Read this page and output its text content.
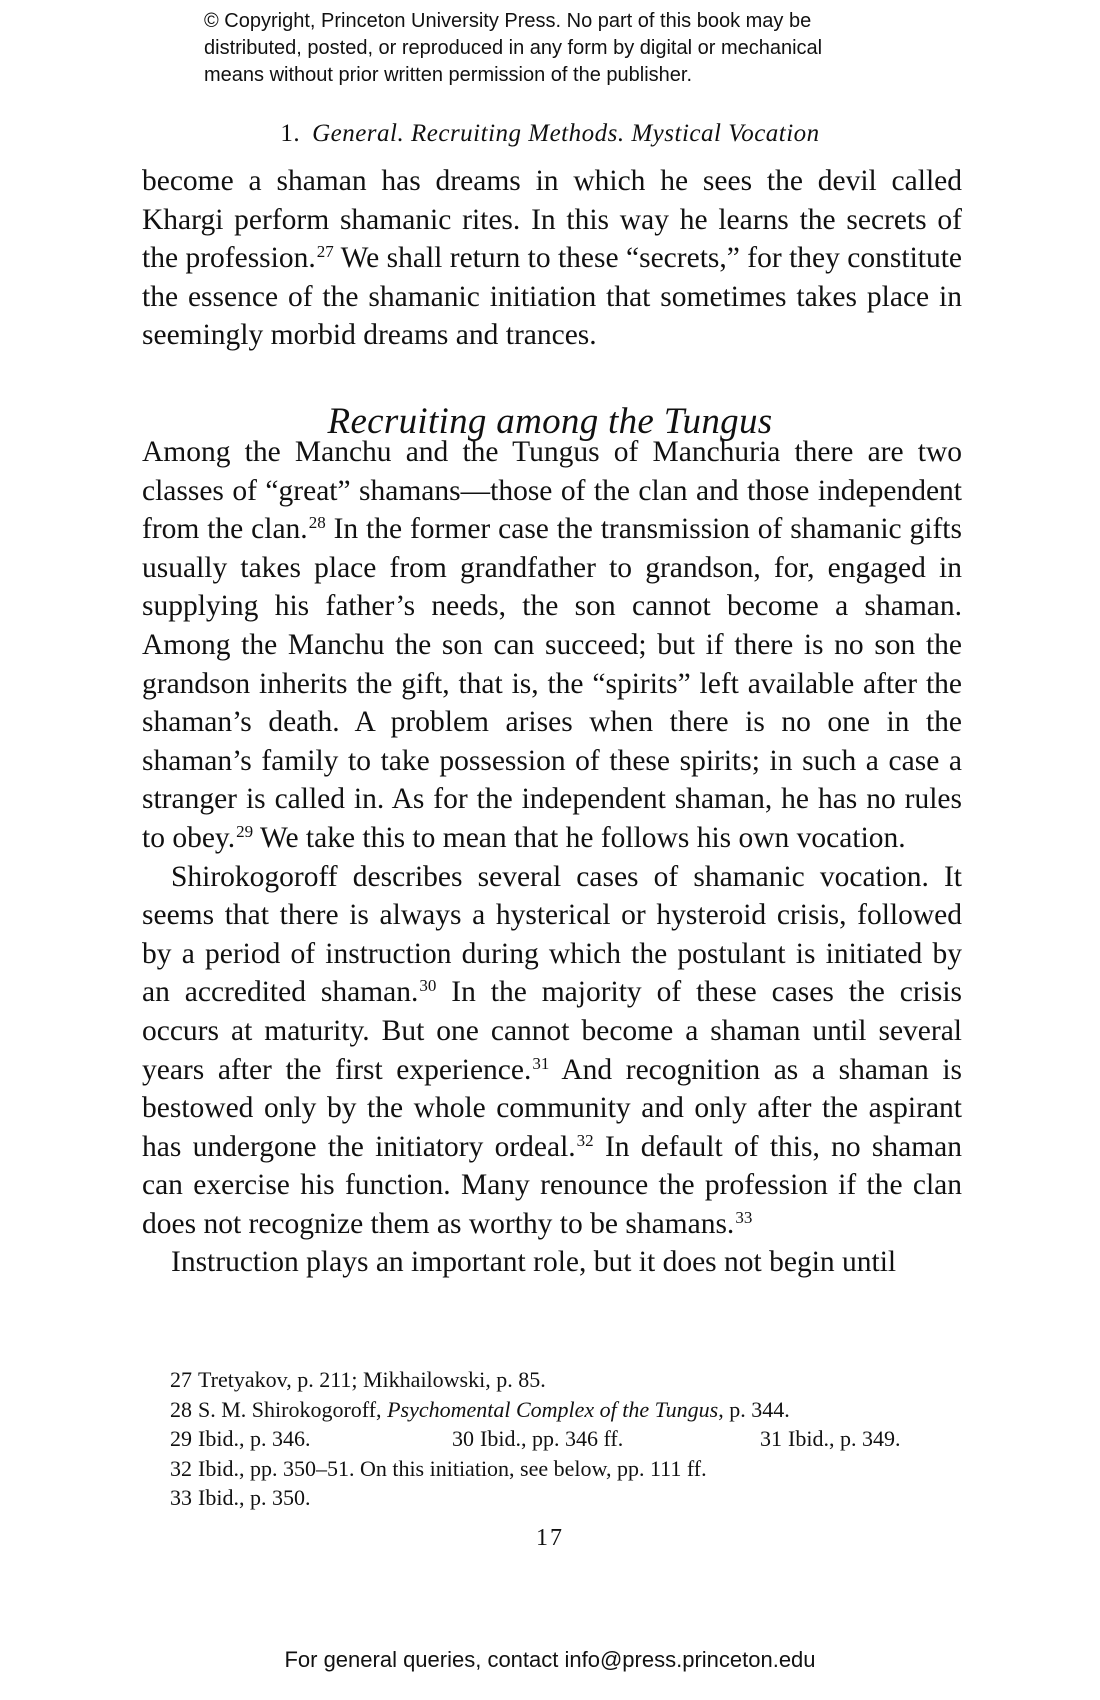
© Copyright, Princeton University Press. No part of this book may be
distributed, posted, or reproduced in any form by digital or mechanical
means without prior written permission of the publisher.
1. General. Recruiting Methods. Mystical Vocation

become a shaman has dreams in which he sees the devil called Khargi perform shamanic rites. In this way he learns the secrets of the profession.$^{27}$ We shall return to these “secrets,” for they constitute the essence of the shamanic initiation that sometimes takes place in seemingly morbid dreams and trances.

Recruiting among the Tungus

Among the Manchu and the Tungus of Manchuria there are two classes of “great” shamans—those of the clan and those independent from the clan.$^{28}$ In the former case the transmission of shamanic gifts usually takes place from grandfather to grandson, for, engaged in supplying his father’s needs, the son cannot become a shaman. Among the Manchu the son can succeed; but if there is no son the grandson inherits the gift, that is, the “spirits” left available after the shaman’s death. A problem arises when there is no one in the shaman’s family to take possession of these spirits; in such a case a stranger is called in. As for the independent shaman, he has no rules to obey.$^{29}$ We take this to mean that he follows his own vocation.

Shirokogoroff describes several cases of shamanic vocation. It seems that there is always a hysterical or hysteroid crisis, followed by a period of instruction during which the postulant is initiated by an accredited shaman.$^{30}$ In the majority of these cases the crisis occurs at maturity. But one cannot become a shaman until several years after the first experience.$^{31}$ And recognition as a shaman is bestowed only by the whole community and only after the aspirant has undergone the initiatory ordeal.$^{32}$ In default of this, no shaman can exercise his function. Many renounce the profession if the clan does not recognize them as worthy to be shamans.$^{33}$

Instruction plays an important role, but it does not begin until

27 Tretyakov, p. 211; Mikhailowski, p. 85.
28 S. M. Shirokogoroff, Psychomental Complex of the Tungus, p. 344.
29 Ibid., p. 346.	30 Ibid., pp. 346 ff.	31 Ibid., p. 349.
32 Ibid., pp. 350–51. On this initiation, see below, pp. 111 ff.
33 Ibid., p. 350.
17
For general queries, contact info@press.princeton.edu
